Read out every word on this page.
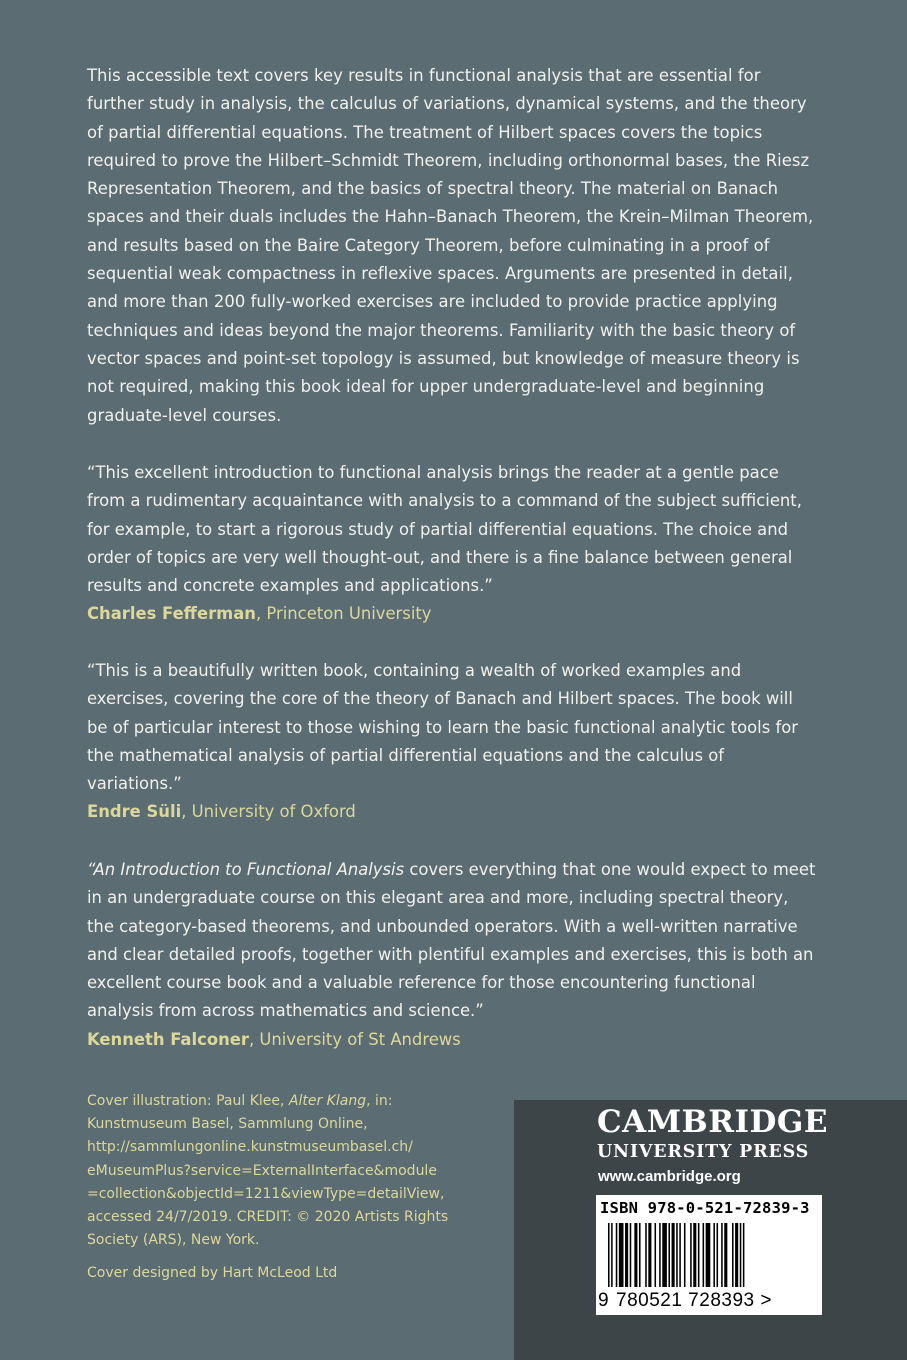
This accessible text covers key results in functional analysis that are essential for further study in analysis, the calculus of variations, dynamical systems, and the theory of partial differential equations. The treatment of Hilbert spaces covers the topics required to prove the Hilbert–Schmidt Theorem, including orthonormal bases, the Riesz Representation Theorem, and the basics of spectral theory. The material on Banach spaces and their duals includes the Hahn–Banach Theorem, the Krein–Milman Theorem, and results based on the Baire Category Theorem, before culminating in a proof of sequential weak compactness in reflexive spaces. Arguments are presented in detail, and more than 200 fully-worked exercises are included to provide practice applying techniques and ideas beyond the major theorems. Familiarity with the basic theory of vector spaces and point-set topology is assumed, but knowledge of measure theory is not required, making this book ideal for upper undergraduate-level and beginning graduate-level courses.

“This excellent introduction to functional analysis brings the reader at a gentle pace from a rudimentary acquaintance with analysis to a command of the subject sufficient, for example, to start a rigorous study of partial differential equations. The choice and order of topics are very well thought-out, and there is a fine balance between general results and concrete examples and applications.”

Charles Fefferman, Princeton University

“This is a beautifully written book, containing a wealth of worked examples and exercises, covering the core of the theory of Banach and Hilbert spaces. The book will be of particular interest to those wishing to learn the basic functional analytic tools for the mathematical analysis of partial differential equations and the calculus of variations.”

Endre Süli, University of Oxford

“An Introduction to Functional Analysis covers everything that one would expect to meet in an undergraduate course on this elegant area and more, including spectral theory, the category-based theorems, and unbounded operators. With a well-written narrative and clear detailed proofs, together with plentiful examples and exercises, this is both an excellent course book and a valuable reference for those encountering functional analysis from across mathematics and science.”

Kenneth Falconer, University of St Andrews

Cover illustration: Paul Klee, Alter Klang, in: Kunstmuseum Basel, Sammlung Online, http://sammlungonline.kunstmuseumbasel.ch/ eMuseumPlus?service=ExternalInterface&module =collection&objectId=1211&viewType=detailView, accessed 24/7/2019. CREDIT: © 2020 Artists Rights Society (ARS), New York.

Cover designed by Hart McLeod Ltd
CAMBRIDGE
UNIVERSITY PRESS
www.cambridge.org
ISBN 978-0-521-72839-3
9 780521 728393 >
